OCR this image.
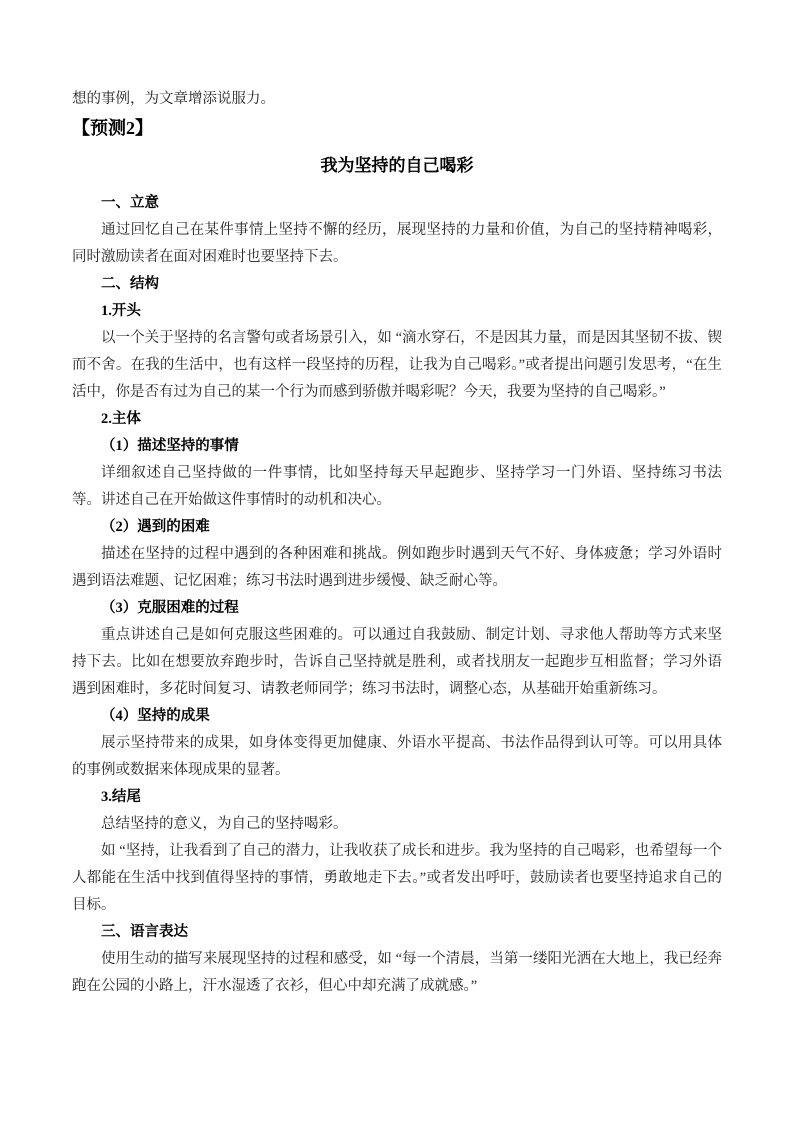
想的事例，为文章增添说服力。

【预测2】

我为坚持的自己喝彩

一、立意

通过回忆自己在某件事情上坚持不懈的经历，展现坚持的力量和价值，为自己的坚持精神喝彩，同时激励读者在面对困难时也要坚持下去。

二、结构

1.开头

以一个关于坚持的名言警句或者场景引入，如 “滴水穿石，不是因其力量，而是因其坚韧不拔、锲而不舍。在我的生活中，也有这样一段坚持的历程，让我为自己喝彩。”或者提出问题引发思考，“在生活中，你是否有过为自己的某一个行为而感到骄傲并喝彩呢？今天，我要为坚持的自己喝彩。”

2.主体

（1）描述坚持的事情

详细叙述自己坚持做的一件事情，比如坚持每天早起跑步、坚持学习一门外语、坚持练习书法等。讲述自己在开始做这件事情时的动机和决心。

（2）遇到的困难

描述在坚持的过程中遇到的各种困难和挑战。例如跑步时遇到天气不好、身体疲惫；学习外语时遇到语法难题、记忆困难；练习书法时遇到进步缓慢、缺乏耐心等。

（3）克服困难的过程

重点讲述自己是如何克服这些困难的。可以通过自我鼓励、制定计划、寻求他人帮助等方式来坚持下去。比如在想要放弃跑步时，告诉自己坚持就是胜利，或者找朋友一起跑步互相监督；学习外语遇到困难时，多花时间复习、请教老师同学；练习书法时，调整心态，从基础开始重新练习。

（4）坚持的成果

展示坚持带来的成果，如身体变得更加健康、外语水平提高、书法作品得到认可等。可以用具体的事例或数据来体现成果的显著。

3.结尾

总结坚持的意义，为自己的坚持喝彩。

如 “坚持，让我看到了自己的潜力，让我收获了成长和进步。我为坚持的自己喝彩，也希望每一个人都能在生活中找到值得坚持的事情，勇敢地走下去。”或者发出呼吁，鼓励读者也要坚持追求自己的目标。

三、语言表达

使用生动的描写来展现坚持的过程和感受，如 “每一个清晨，当第一缕阳光洒在大地上，我已经奔跑在公园的小路上，汗水湿透了衣衫，但心中却充满了成就感。”
